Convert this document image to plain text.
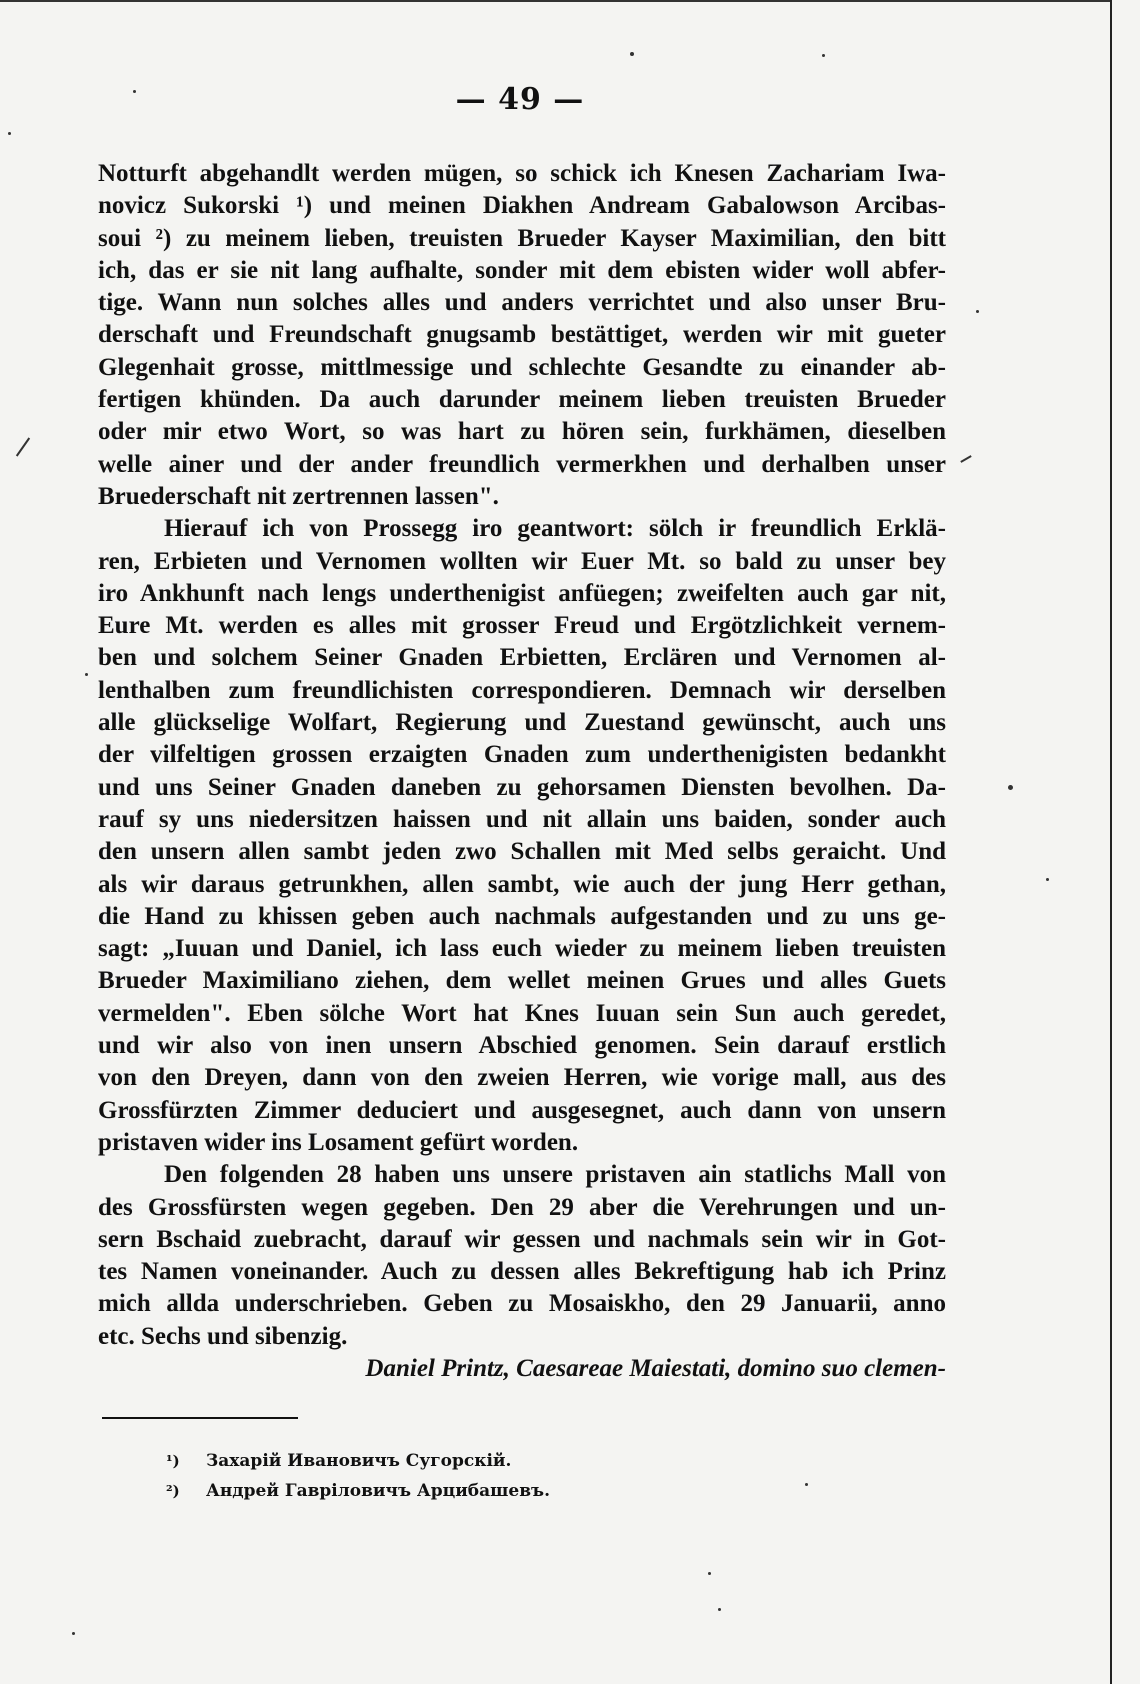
— 49 —
Notturft abgehandlt werden mügen, so schick ich Knesen Zachariam Iwa-
novicz Sukorski ¹) und meinen Diakhen Andream Gabalowson Arcibas-
soui ²) zu meinem lieben, treuisten Brueder Kayser Maximilian, den bitt
ich, das er sie nit lang aufhalte, sonder mit dem ebisten wider woll abfer-
tige. Wann nun solches alles und anders verrichtet und also unser Bru-
derschaft und Freundschaft gnugsamb bestättiget, werden wir mit gueter
Glegenhait grosse, mittlmessige und schlechte Gesandte zu einander ab-
fertigen khünden. Da auch darunder meinem lieben treuisten Brueder
oder mir etwo Wort, so was hart zu hören sein, furkhämen, dieselben
welle ainer und der ander freundlich vermerkhen und derhalben unser
Bruederschaft nit zertrennen lassen".
Hierauf ich von Prossegg iro geantwort: sölch ir freundlich Erklä-
ren, Erbieten und Vernomen wollten wir Euer Mt. so bald zu unser bey
iro Ankhunft nach lengs underthenigist anfüegen; zweifelten auch gar nit,
Eure Mt. werden es alles mit grosser Freud und Ergötzlichkeit vernem-
ben und solchem Seiner Gnaden Erbietten, Erclären und Vernomen al-
lenthalben zum freundlichisten correspondieren. Demnach wir derselben
alle glückselige Wolfart, Regierung und Zuestand gewünscht, auch uns
der vilfeltigen grossen erzaigten Gnaden zum underthenigisten bedankht
und uns Seiner Gnaden daneben zu gehorsamen Diensten bevolhen. Da-
rauf sy uns niedersitzen haissen und nit allain uns baiden, sonder auch
den unsern allen sambt jeden zwo Schallen mit Med selbs geraicht. Und
als wir daraus getrunkhen, allen sambt, wie auch der jung Herr gethan,
die Hand zu khissen geben auch nachmals aufgestanden und zu uns ge-
sagt: „Iuuan und Daniel, ich lass euch wieder zu meinem lieben treuisten
Brueder Maximiliano ziehen, dem wellet meinen Grues und alles Guets
vermelden". Eben sölche Wort hat Knes Iuuan sein Sun auch geredet,
und wir also von inen unsern Abschied genomen. Sein darauf erstlich
von den Dreyen, dann von den zweien Herren, wie vorige mall, aus des
Grossfürzten Zimmer deduciert und ausgesegnet, auch dann von unsern
pristaven wider ins Losament gefürt worden.
Den folgenden 28 haben uns unsere pristaven ain statlichs Mall von
des Grossfürsten wegen gegeben. Den 29 aber die Verehrungen und un-
sern Bschaid zuebracht, darauf wir gessen und nachmals sein wir in Got-
tes Namen voneinander. Auch zu dessen alles Bekreftigung hab ich Prinz
mich allda underschrieben. Geben zu Mosaiskho, den 29 Januarii, anno
etc. Sechs und sibenzig.
Daniel Printz, Caesareae Maiestati, domino suo clemen-
¹) Захарій Ивановичъ Сугорскій.
²) Андрей Гаврiловичъ Арцибашевъ.
